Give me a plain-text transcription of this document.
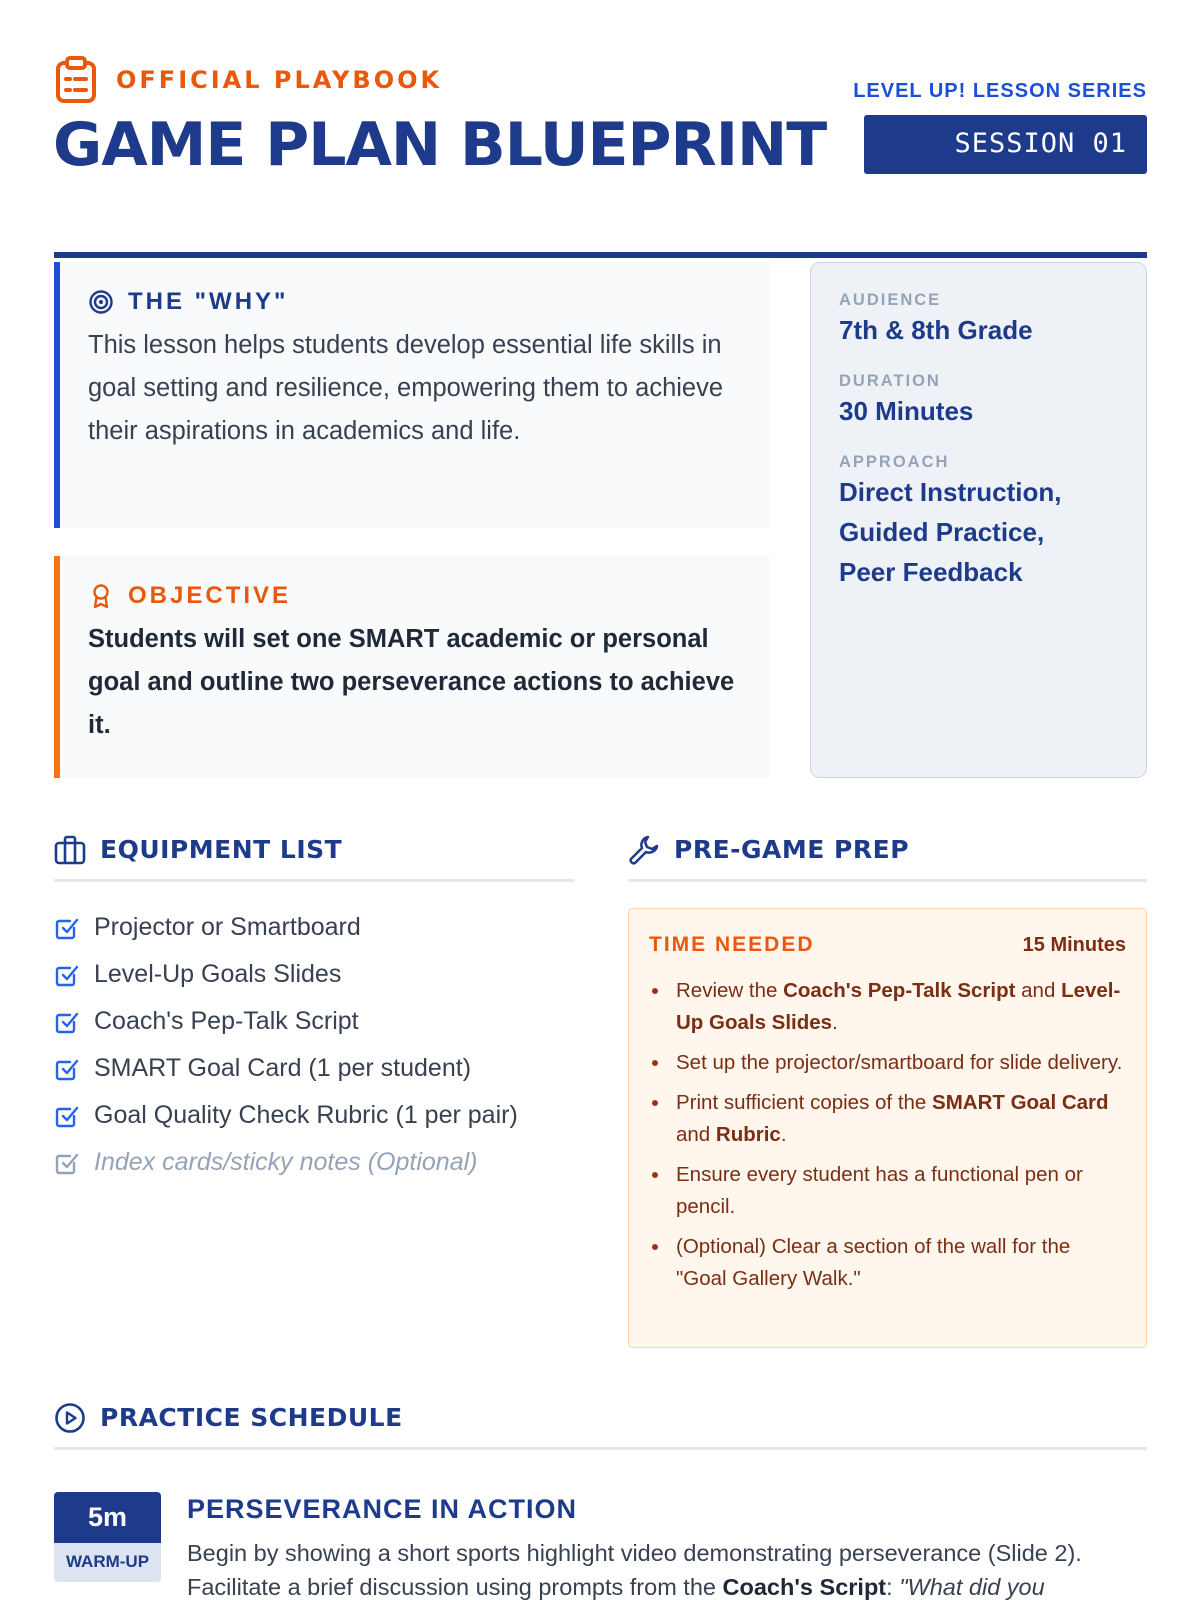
OFFICIAL PLAYBOOK
GAME PLAN BLUEPRINT
LEVEL UP! LESSON SERIES
SESSION 01
THE "WHY"

This lesson helps students develop essential life skills in goal setting and resilience, empowering them to achieve their aspirations in academics and life.

OBJECTIVE

Students will set one SMART academic or personal goal and outline two perseverance actions to achieve it.

AUDIENCE
7th & 8th Grade
DURATION
30 Minutes
APPROACH
Direct Instruction,
Guided Practice,
Peer Feedback
EQUIPMENT LIST	PRE-GAME PREP
Projector or Smartboard
Level-Up Goals Slides
Coach's Pep-Talk Script
SMART Goal Card (1 per student)
Goal Quality Check Rubric (1 per pair)
Index cards/sticky notes (Optional)
TIME NEEDED	15 Minutes
Review the Coach's Pep-Talk Script and Level-Up Goals Slides.
Set up the projector/smartboard for slide delivery.
Print sufficient copies of the SMART Goal Card and Rubric.
Ensure every student has a functional pen or pencil.
(Optional) Clear a section of the wall for the "Goal Gallery Walk."
PRACTICE SCHEDULE
5m
WARM-UP
PERSEVERANCE IN ACTION
Begin by showing a short sports highlight video demonstrating perseverance (Slide 2). Facilitate a brief discussion using prompts from the Coach's Script: "What did you
